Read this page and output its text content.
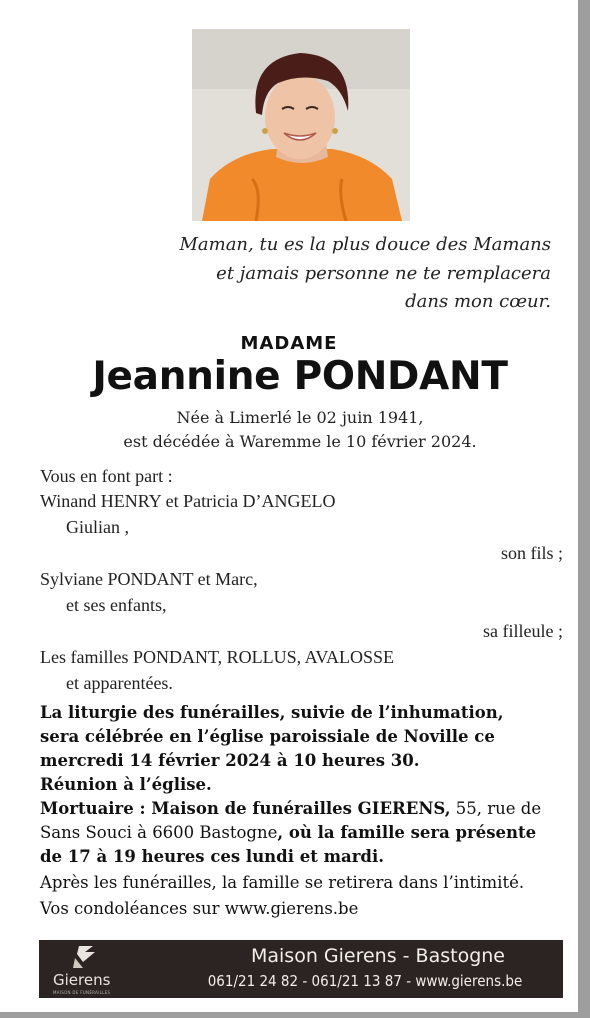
Maman, tu es la plus douce des Mamans
et jamais personne ne te remplacera
dans mon cœur.
MADAME
Jeannine PONDANT
Née à Limerlé le 02 juin 1941,
est décédée à Waremme le 10 février 2024.
Vous en font part :
Winand HENRY et Patricia D’ANGELO
Giulian ,
son fils ;
Sylviane PONDANT et Marc,
et ses enfants,
sa filleule ;
Les familles PONDANT, ROLLUS, AVALOSSE
et apparentées.
La liturgie des funérailles, suivie de l’inhumation,
sera célébrée en l’église paroissiale de Noville ce
mercredi 14 février 2024 à 10 heures 30.
Réunion à l’église.
Mortuaire : Maison de funérailles GIERENS, 55, rue de
Sans Souci à 6600 Bastogne, où la famille sera présente
de 17 à 19 heures ces lundi et mardi.
Après les funérailles, la famille se retirera dans l’intimité.
Vos condoléances sur www.gierens.be
Gierens
MAISON DE FUNÉRAILLES
Maison Gierens - Bastogne
061/21 24 82 - 061/21 13 87 - www.gierens.be
